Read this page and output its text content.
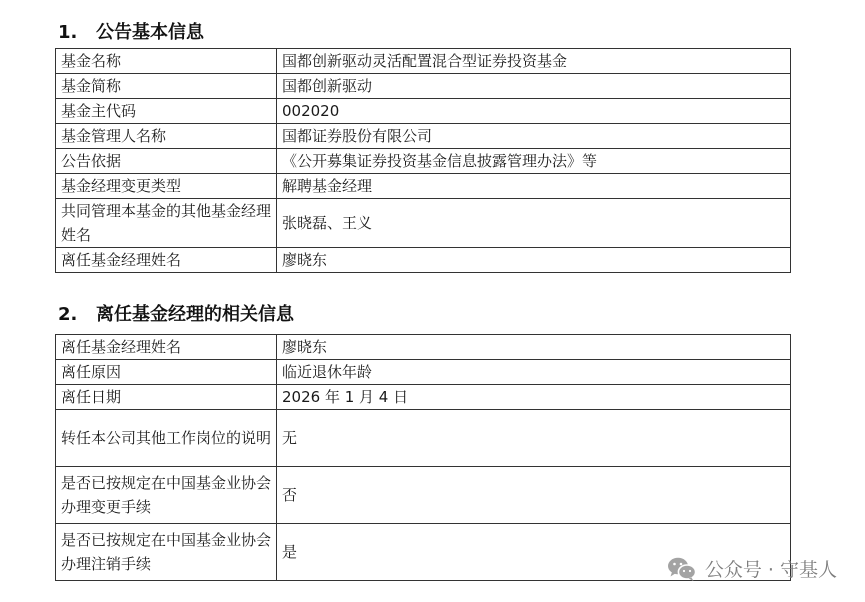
1. 公告基本信息
基金名称	国都创新驱动灵活配置混合型证券投资基金
基金简称	国都创新驱动
基金主代码	002020
基金管理人名称	国都证券股份有限公司
公告依据	《公开募集证券投资基金信息披露管理办法》等
基金经理变更类型	解聘基金经理
共同管理本基金的其他基金经理姓名	张晓磊、王义
离任基金经理姓名	廖晓东
2. 离任基金经理的相关信息
离任基金经理姓名	廖晓东
离任原因	临近退休年龄
离任日期	2026 年 1 月 4 日
转任本公司其他工作岗位的说明	无
是否已按规定在中国基金业协会办理变更手续	否
是否已按规定在中国基金业协会办理注销手续	是
公众号 · 守基人
